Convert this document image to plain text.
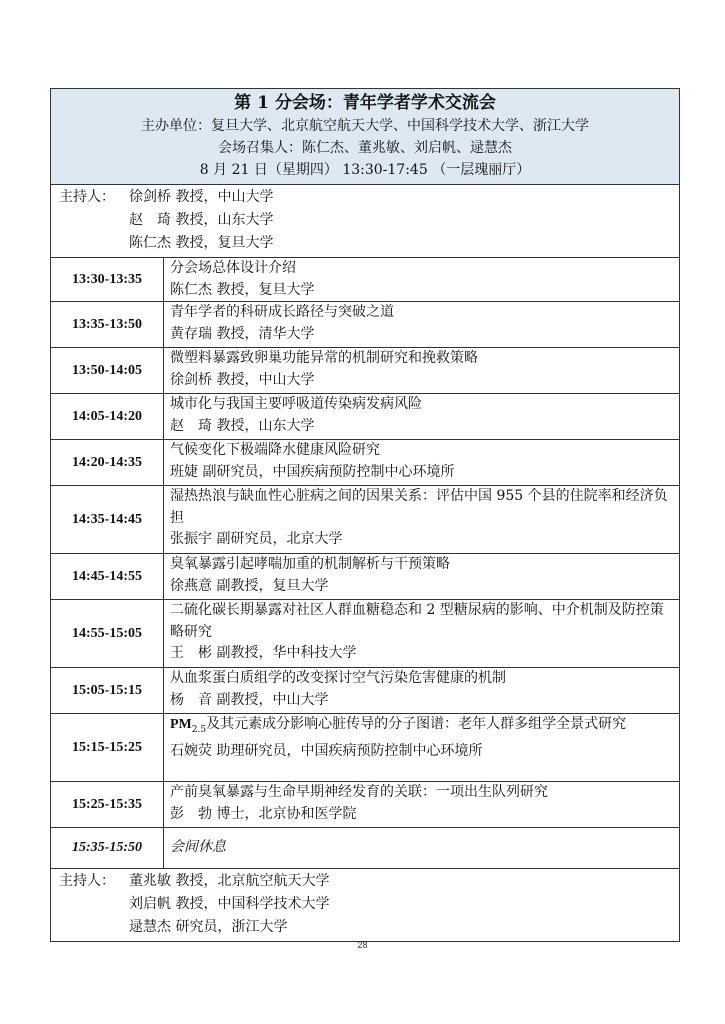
第 1 分会场：青年学者学术交流会
主办单位：复旦大学、北京航空航天大学、中国科学技术大学、浙江大学
会场召集人：陈仁杰、董兆敏、刘启帆、逯慧杰
8 月 21 日（星期四） 13:30-17:45 （一层瑰丽厅）
主持人：	徐剑桥 教授，中山大学
赵　琦 教授，山东大学
陈仁杰 教授，复旦大学
13:30-13:35
分会场总体设计介绍
陈仁杰 教授，复旦大学
13:35-13:50
青年学者的科研成长路径与突破之道
黄存瑞 教授，清华大学
13:50-14:05
微塑料暴露致卵巢功能异常的机制研究和挽救策略
徐剑桥 教授，中山大学
14:05-14:20
城市化与我国主要呼吸道传染病发病风险
赵　琦 教授，山东大学
14:20-14:35
气候变化下极端降水健康风险研究
班婕 副研究员，中国疾病预防控制中心环境所
14:35-14:45
湿热热浪与缺血性心脏病之间的因果关系：评估中国 955 个县的住院率和经济负担
张振宇 副研究员，北京大学
14:45-14:55
臭氧暴露引起哮喘加重的机制解析与干预策略
徐燕意 副教授，复旦大学
14:55-15:05
二硫化碳长期暴露对社区人群血糖稳态和 2 型糖尿病的影响、中介机制及防控策略研究
王　彬 副教授，华中科技大学
15:05-15:15
从血浆蛋白质组学的改变探讨空气污染危害健康的机制
杨　音 副教授，中山大学
15:15-15:25
$PM_{2.5}$及其元素成分影响心脏传导的分子图谱：老年人群多组学全景式研究
石婉荧 助理研究员，中国疾病预防控制中心环境所
15:25-15:35
产前臭氧暴露与生命早期神经发育的关联：一项出生队列研究
彭　勃 博士，北京协和医学院
15:35-15:50	会间休息
主持人：	董兆敏 教授，北京航空航天大学
刘启帆 教授，中国科学技术大学
逯慧杰 研究员，浙江大学
28
